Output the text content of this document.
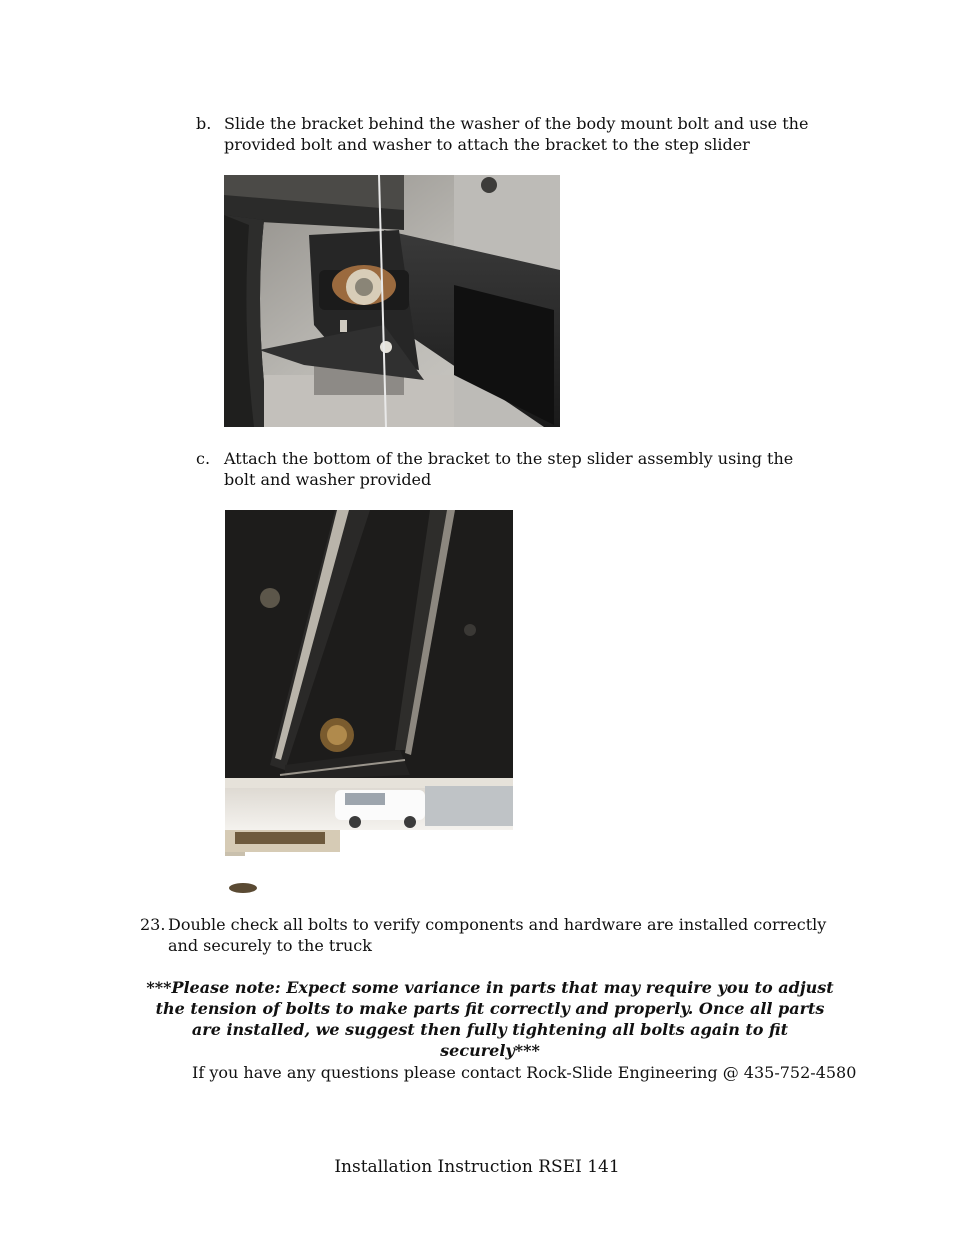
b. Slide the bracket behind the washer of the body mount bolt and use the provided bolt and washer to attach the bracket to the step slider
c. Attach the bottom of the bracket to the step slider assembly using the bolt and washer provided
23. Double check all bolts to verify components and hardware are installed correctly and securely to the truck
***Please note: Expect some variance in parts that may require you to adjust the tension of bolts to make parts fit correctly and properly. Once all parts are installed, we suggest then fully tightening all bolts again to fit securely***
If you have any questions please contact Rock-Slide Engineering @ 435-752-4580
Installation Instruction RSEI 141
